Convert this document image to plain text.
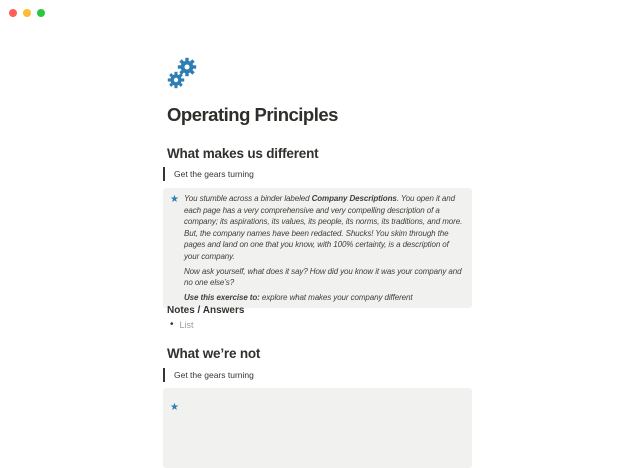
Operating Principles
What makes us different
Get the gears turning
★ You stumble across a binder labeled Company Descriptions. You open it and each page has a very comprehensive and very compelling description of a company; its aspirations, its values, its people, its norms, its traditions, and more. But, the company names have been redacted. Shucks! You skim through the pages and land on one that you know, with 100% certainty, is a description of your company.

Now ask yourself, what does it say? How did you know it was your company and no one else’s?

Use this exercise to: explore what makes your company different

Notes / Answers
• List
What we’re not
Get the gears turning
★
